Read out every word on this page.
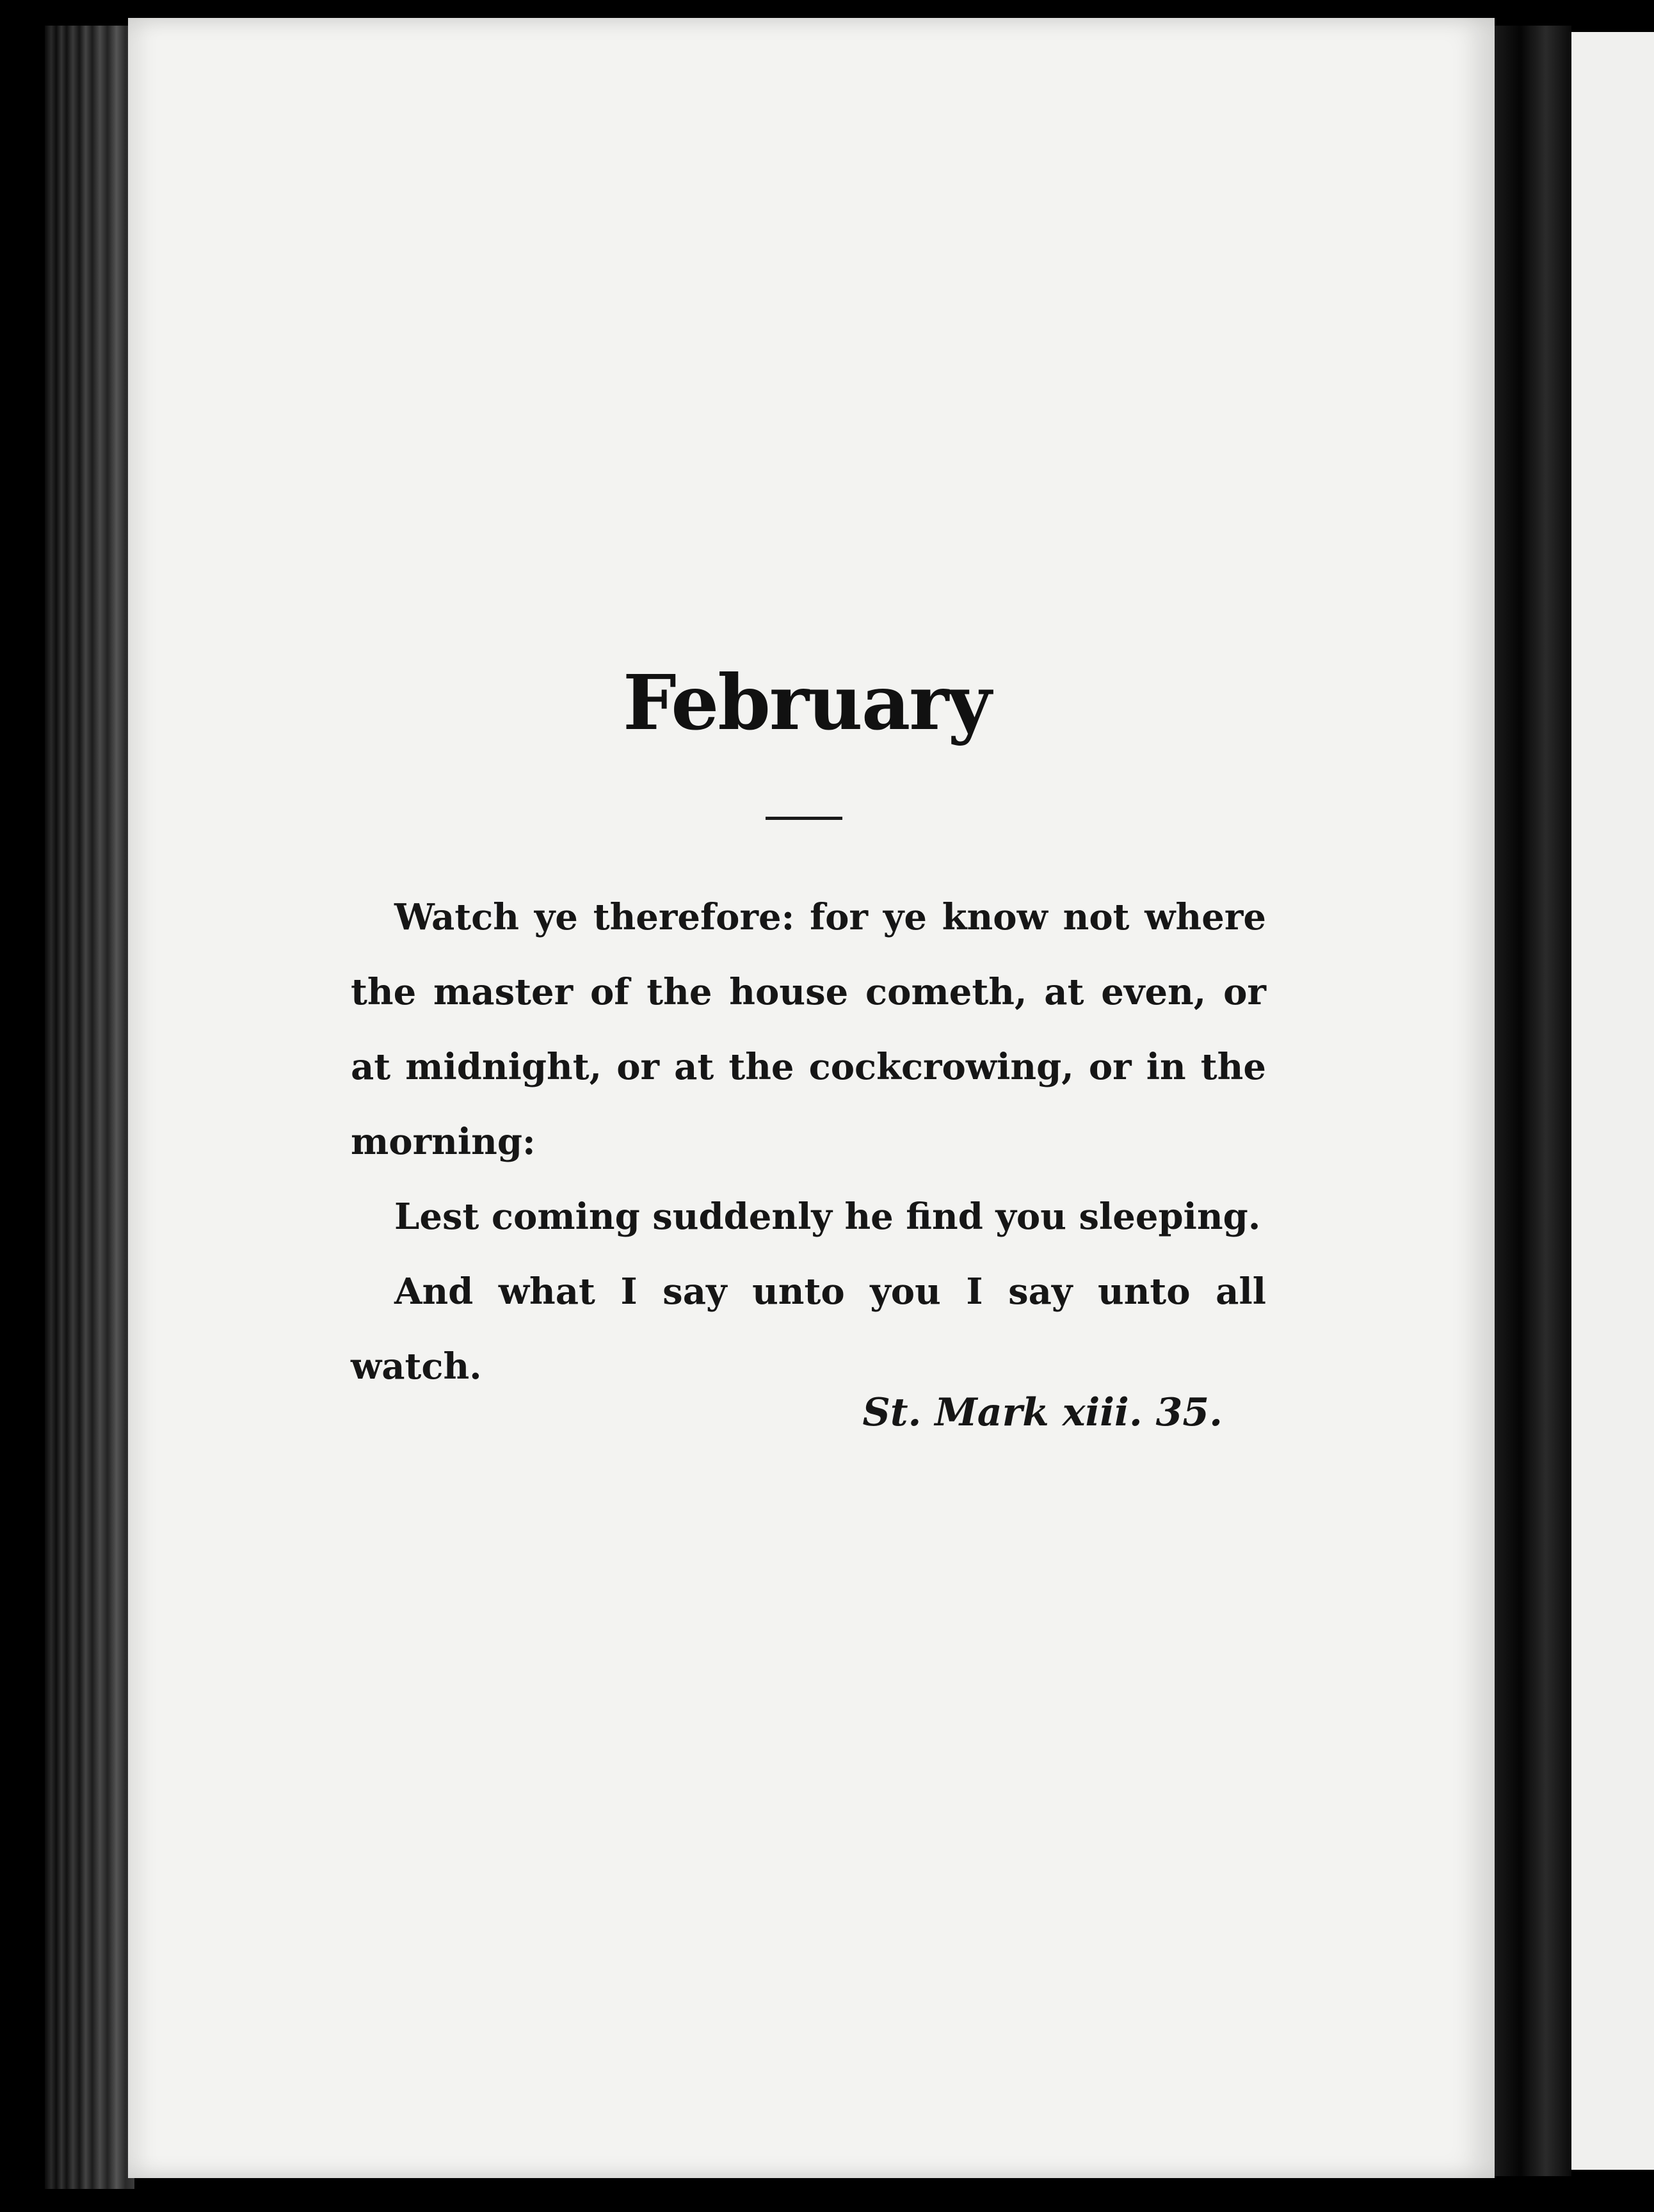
February

Watch ye therefore: for ye know not where the master of the house cometh, at even, or at midnight, or at the cockcrowing, or in the morning:

Lest coming suddenly he find you sleeping.

And what I say unto you I say unto all watch.

St. Mark xiii. 35.
